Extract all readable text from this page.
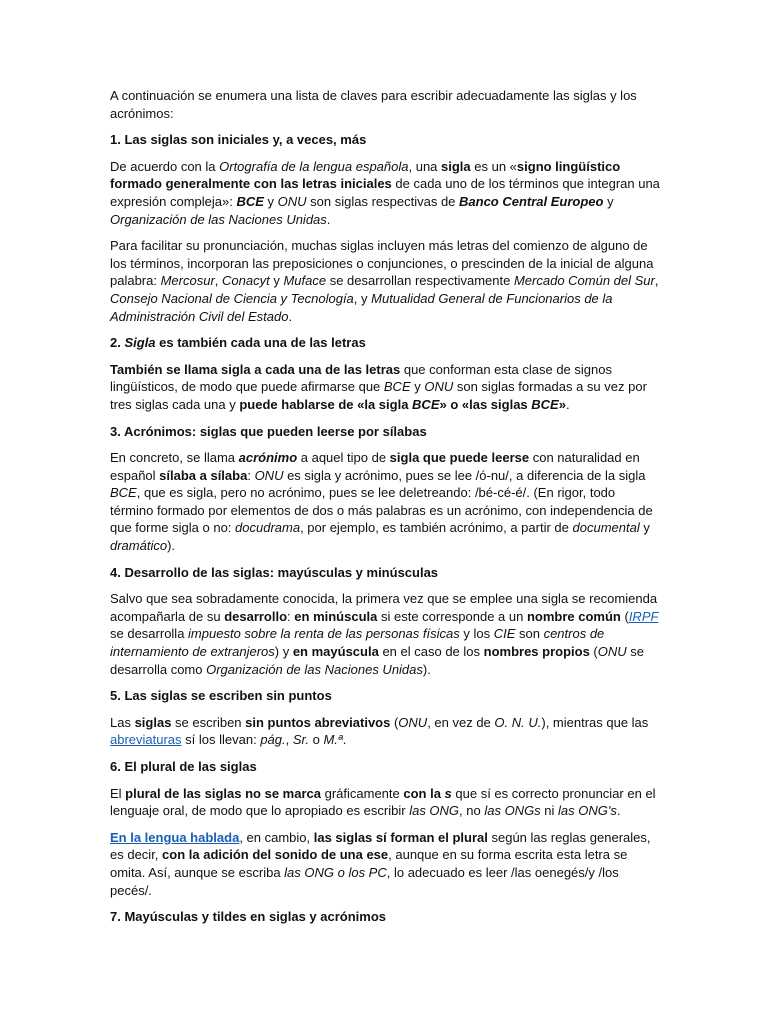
A continuación se enumera una lista de claves para escribir adecuadamente las siglas y los acrónimos:

1. Las siglas son iniciales y, a veces, más

De acuerdo con la Ortografía de la lengua española, una sigla es un «signo lingüístico formado generalmente con las letras iniciales de cada uno de los términos que integran una expresión compleja»: BCE y ONU son siglas respectivas de Banco Central Europeo y Organización de las Naciones Unidas.

Para facilitar su pronunciación, muchas siglas incluyen más letras del comienzo de alguno de los términos, incorporan las preposiciones o conjunciones, o prescinden de la inicial de alguna palabra: Mercosur, Conacyt y Muface se desarrollan respectivamente Mercado Común del Sur, Consejo Nacional de Ciencia y Tecnología, y Mutualidad General de Funcionarios de la Administración Civil del Estado.

2. Sigla es también cada una de las letras

También se llama sigla a cada una de las letras que conforman esta clase de signos lingüísticos, de modo que puede afirmarse que BCE y ONU son siglas formadas a su vez por tres siglas cada una y puede hablarse de «la sigla BCE» o «las siglas BCE».

3. Acrónimos: siglas que pueden leerse por sílabas

En concreto, se llama acrónimo a aquel tipo de sigla que puede leerse con naturalidad en español sílaba a sílaba: ONU es sigla y acrónimo, pues se lee /ó-nu/, a diferencia de la sigla BCE, que es sigla, pero no acrónimo, pues se lee deletreando: /bé-cé-é/. (En rigor, todo término formado por elementos de dos o más palabras es un acrónimo, con independencia de que forme sigla o no: docudrama, por ejemplo, es también acrónimo, a partir de documental y dramático).

4. Desarrollo de las siglas: mayúsculas y minúsculas

Salvo que sea sobradamente conocida, la primera vez que se emplee una sigla se recomienda acompañarla de su desarrollo: en minúscula si este corresponde a un nombre común (IRPF se desarrolla impuesto sobre la renta de las personas físicas y los CIE son centros de internamiento de extranjeros) y en mayúscula en el caso de los nombres propios (ONU se desarrolla como Organización de las Naciones Unidas).

5. Las siglas se escriben sin puntos

Las siglas se escriben sin puntos abreviativos (ONU, en vez de O. N. U.), mientras que las abreviaturas sí los llevan: pág., Sr. o M.ª.

6. El plural de las siglas

El plural de las siglas no se marca gráficamente con la s que sí es correcto pronunciar en el lenguaje oral, de modo que lo apropiado es escribir las ONG, no las ONGs ni las ONG's.

En la lengua hablada, en cambio, las siglas sí forman el plural según las reglas generales, es decir, con la adición del sonido de una ese, aunque en su forma escrita esta letra se omita. Así, aunque se escriba las ONG o los PC, lo adecuado es leer /las oenegés/y /los pecés/.

7. Mayúsculas y tildes en siglas y acrónimos
